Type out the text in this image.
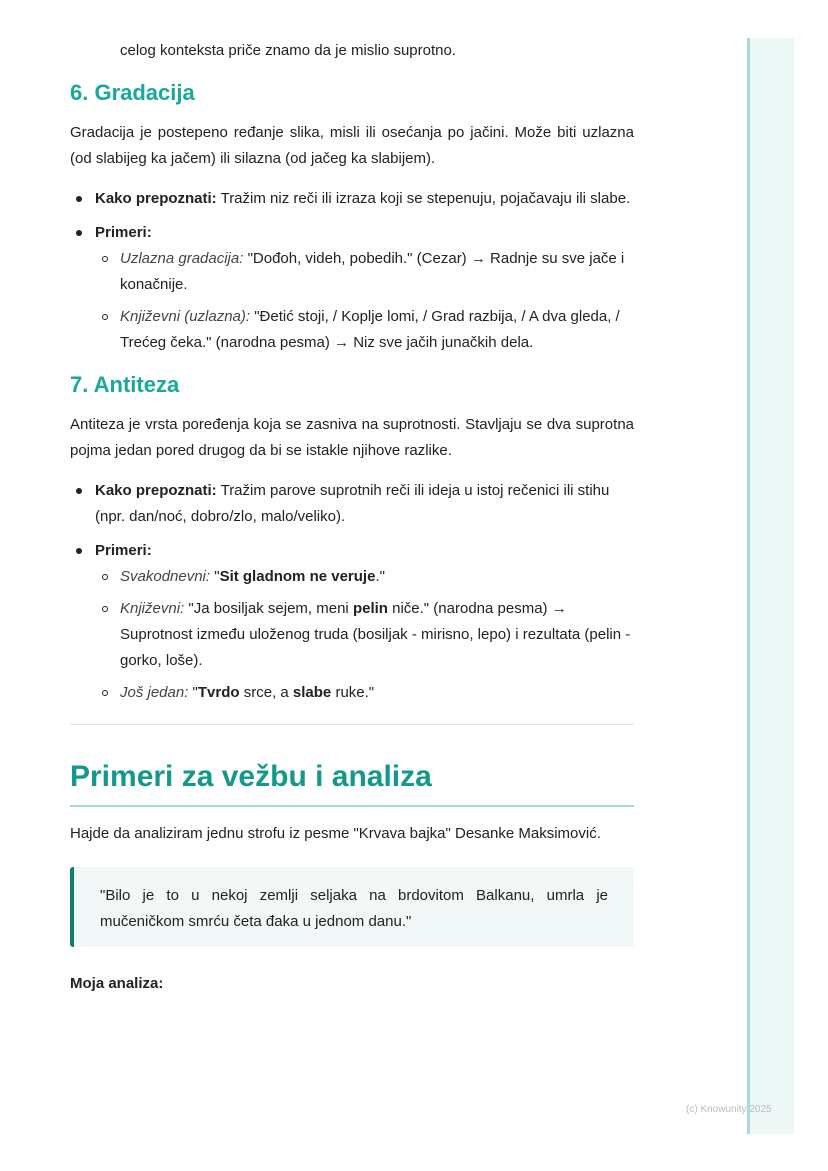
celog konteksta priče znamo da je mislio suprotno.

6. Gradacija

Gradacija je postepeno ređanje slika, misli ili osećanja po jačini. Može biti uzlazna (od slabijeg ka jačem) ili silazna (od jačeg ka slabijem).

Kako prepoznati: Tražim niz reči ili izraza koji se stepenuju, pojačavaju ili slabe.
Primeri:
Uzlazna gradacija: "Dođoh, videh, pobedih." (Cezar) → Radnje su sve jače i konačnije.
Književni (uzlazna): "Đetić stoji, / Koplje lomi, / Grad razbija, / A dva gleda, / Trećeg čeka." (narodna pesma) → Niz sve jačih junačkih dela.
7. Antiteza

Antiteza je vrsta poređenja koja se zasniva na suprotnosti. Stavljaju se dva suprotna pojma jedan pored drugog da bi se istakle njihove razlike.

Kako prepoznati: Tražim parove suprotnih reči ili ideja u istoj rečenici ili stihu (npr. dan/noć, dobro/zlo, malo/veliko).
Primeri:
Svakodnevni: "Sit gladnom ne veruje."
Književni: "Ja bosiljak sejem, meni pelin niče." (narodna pesma) → Suprotnost između uloženog truda (bosiljak - mirisno, lepo) i rezultata (pelin - gorko, loše).
Još jedan: "Tvrdo srce, a slabe ruke."
Primeri za vežbu i analiza

Hajde da analiziram jednu strofu iz pesme "Krvava bajka" Desanke Maksimović.

"Bilo je to u nekoj zemlji seljaka na brdovitom Balkanu, umrla je mučeničkom smrću četa đaka u jednom danu."

Moja analiza:

(c) Knowunity 2025
